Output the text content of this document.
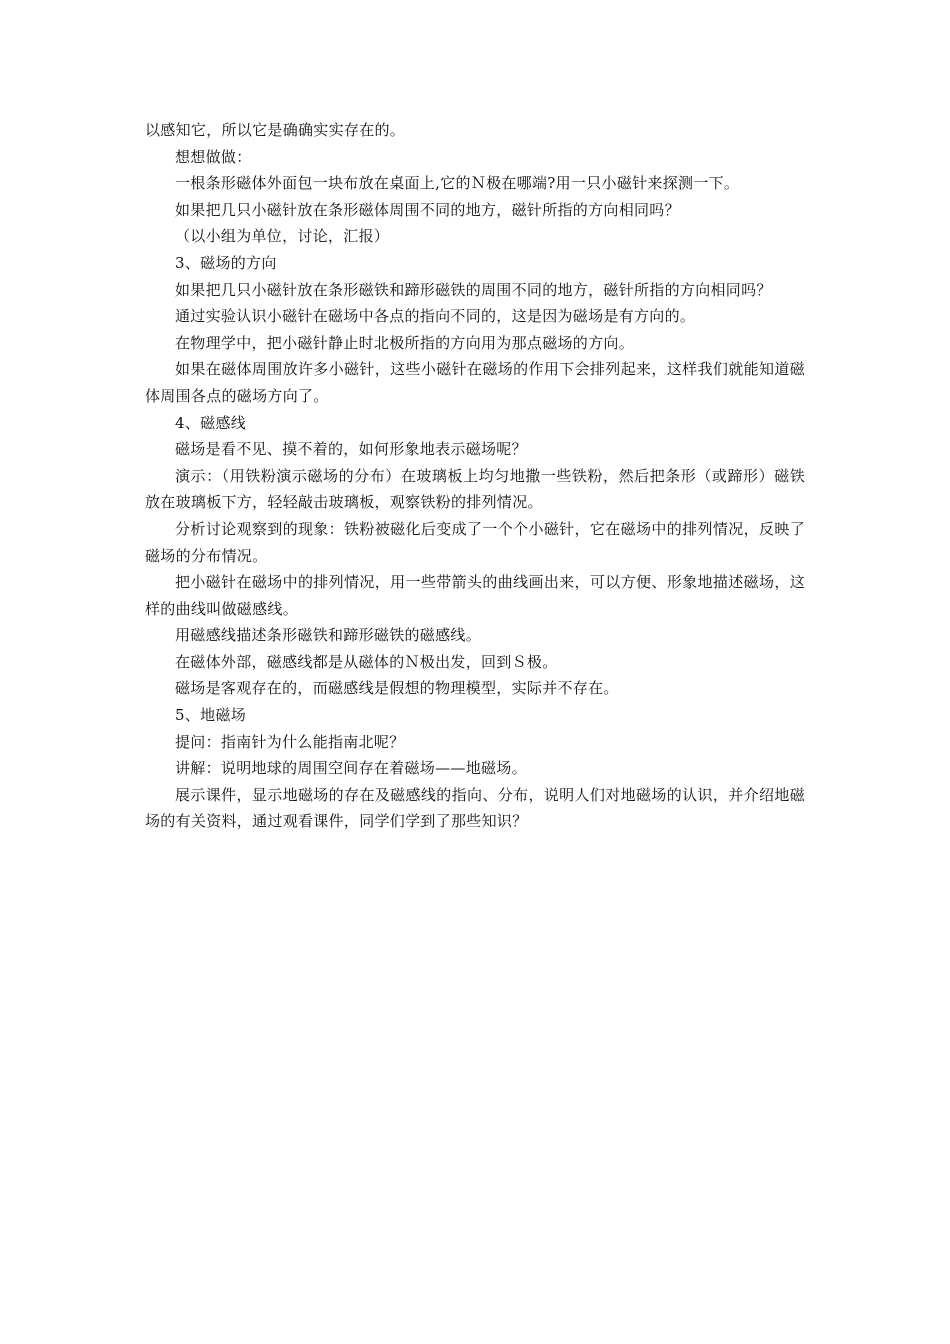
以感知它，所以它是确确实实存在的。

想想做做：

一根条形磁体外面包一块布放在桌面上,它的Ｎ极在哪端?用一只小磁针来探测一下。

如果把几只小磁针放在条形磁体周围不同的地方，磁针所指的方向相同吗？

（以小组为单位，讨论，汇报）

3、磁场的方向

如果把几只小磁针放在条形磁铁和蹄形磁铁的周围不同的地方，磁针所指的方向相同吗？

通过实验认识小磁针在磁场中各点的指向不同的，这是因为磁场是有方向的。

在物理学中，把小磁针静止时北极所指的方向用为那点磁场的方向。

如果在磁体周围放许多小磁针，这些小磁针在磁场的作用下会排列起来，这样我们就能知道磁体周围各点的磁场方向了。

4、磁感线

磁场是看不见、摸不着的，如何形象地表示磁场呢？

演示：（用铁粉演示磁场的分布）在玻璃板上均匀地撒一些铁粉，然后把条形（或蹄形）磁铁放在玻璃板下方，轻轻敲击玻璃板，观察铁粉的排列情况。

分析讨论观察到的现象：铁粉被磁化后变成了一个个小磁针，它在磁场中的排列情况，反映了磁场的分布情况。

把小磁针在磁场中的排列情况，用一些带箭头的曲线画出来，可以方便、形象地描述磁场，这样的曲线叫做磁感线。

用磁感线描述条形磁铁和蹄形磁铁的磁感线。

在磁体外部，磁感线都是从磁体的Ｎ极出发，回到Ｓ极。

磁场是客观存在的，而磁感线是假想的物理模型，实际并不存在。

5、地磁场

提问：指南针为什么能指南北呢？

讲解：说明地球的周围空间存在着磁场——地磁场。

展示课件，显示地磁场的存在及磁感线的指向、分布，说明人们对地磁场的认识，并介绍地磁场的有关资料，通过观看课件，同学们学到了那些知识？
